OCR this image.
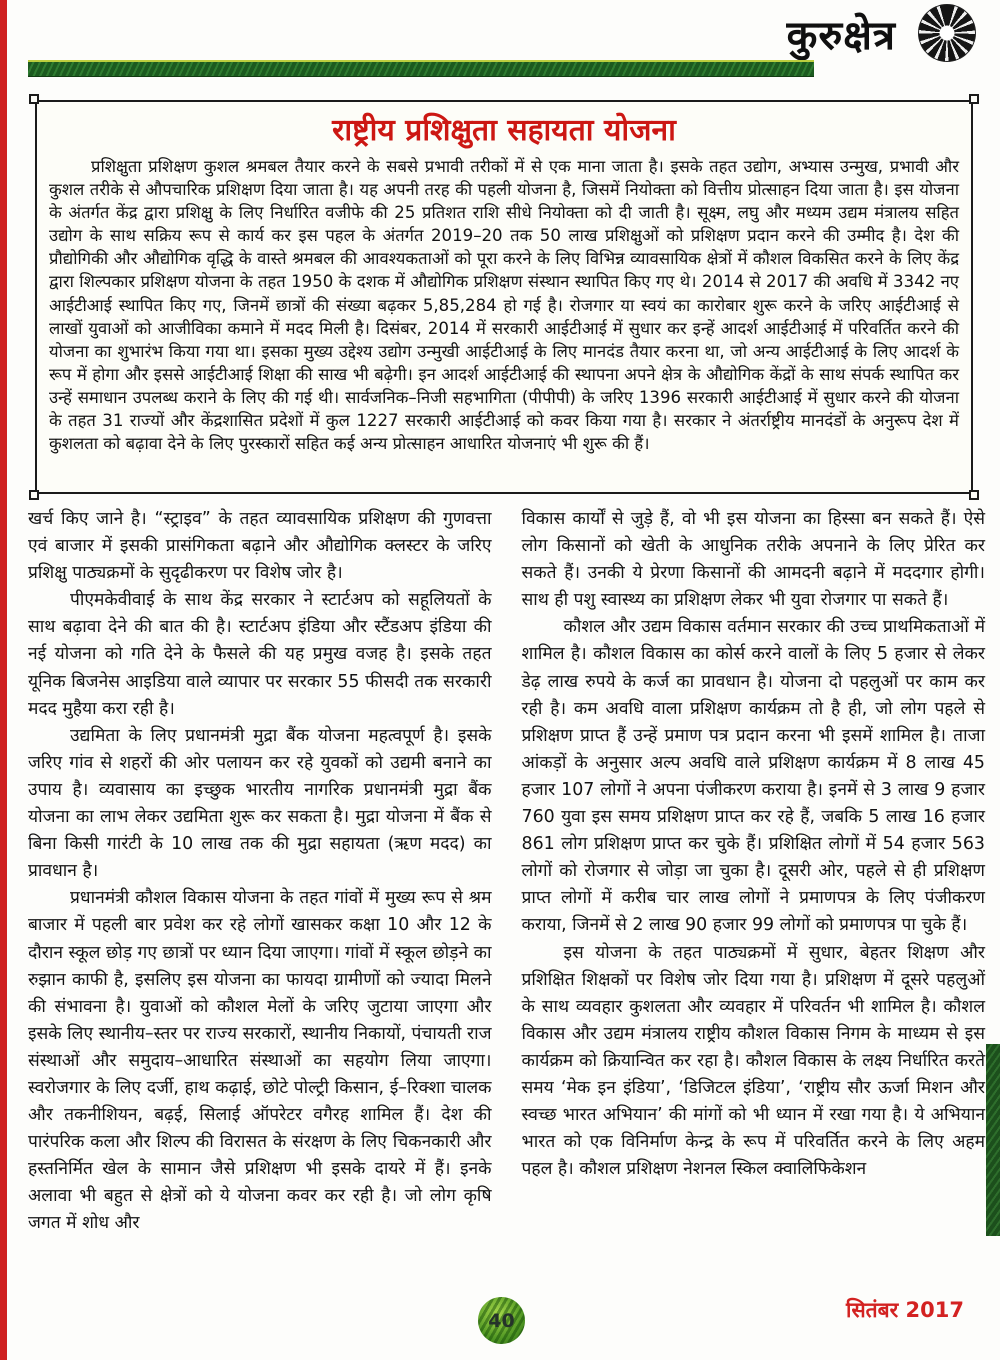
कुरुक्षेत्र
राष्ट्रीय प्रशिक्षुता सहायता योजना

प्रशिक्षुता प्रशिक्षण कुशल श्रमबल तैयार करने के सबसे प्रभावी तरीकों में से एक माना जाता है। इसके तहत उद्योग, अभ्यास उन्मुख, प्रभावी और कुशल तरीके से औपचारिक प्रशिक्षण दिया जाता है। यह अपनी तरह की पहली योजना है, जिसमें नियोक्ता को वित्तीय प्रोत्साहन दिया जाता है। इस योजना के अंतर्गत केंद्र द्वारा प्रशिक्षु के लिए निर्धारित वजीफे की 25 प्रतिशत राशि सीधे नियोक्ता को दी जाती है। सूक्ष्म, लघु और मध्यम उद्यम मंत्रालय सहित उद्योग के साथ सक्रिय रूप से कार्य कर इस पहल के अंतर्गत 2019–20 तक 50 लाख प्रशिक्षुओं को प्रशिक्षण प्रदान करने की उम्मीद है। देश की प्रौद्योगिकी और औद्योगिक वृद्धि के वास्ते श्रमबल की आवश्यकताओं को पूरा करने के लिए विभिन्न व्यावसायिक क्षेत्रों में कौशल विकसित करने के लिए केंद्र द्वारा शिल्पकार प्रशिक्षण योजना के तहत 1950 के दशक में औद्योगिक प्रशिक्षण संस्थान स्थापित किए गए थे। 2014 से 2017 की अवधि में 3342 नए आईटीआई स्थापित किए गए, जिनमें छात्रों की संख्या बढ़कर 5,85,284 हो गई है। रोजगार या स्वयं का कारोबार शुरू करने के जरिए आईटीआई से लाखों युवाओं को आजीविका कमाने में मदद मिली है। दिसंबर, 2014 में सरकारी आईटीआई में सुधार कर इन्हें आदर्श आईटीआई में परिवर्तित करने की योजना का शुभारंभ किया गया था। इसका मुख्य उद्देश्य उद्योग उन्मुखी आईटीआई के लिए मानदंड तैयार करना था, जो अन्य आईटीआई के लिए आदर्श के रूप में होगा और इससे आईटीआई शिक्षा की साख भी बढ़ेगी। इन आदर्श आईटीआई की स्थापना अपने क्षेत्र के औद्योगिक केंद्रों के साथ संपर्क स्थापित कर उन्हें समाधान उपलब्ध कराने के लिए की गई थी। सार्वजनिक–निजी सहभागिता (पीपीपी) के जरिए 1396 सरकारी आईटीआई में सुधार करने की योजना के तहत 31 राज्यों और केंद्रशासित प्रदेशों में कुल 1227 सरकारी आईटीआई को कवर किया गया है। सरकार ने अंतर्राष्ट्रीय मानदंडों के अनुरूप देश में कुशलता को बढ़ावा देने के लिए पुरस्कारों सहित कई अन्य प्रोत्साहन आधारित योजनाएं भी शुरू की हैं।

खर्च किए जाने है। “स्ट्राइव” के तहत व्यावसायिक प्रशिक्षण की गुणवत्ता एवं बाजार में इसकी प्रासंगिकता बढ़ाने और औद्योगिक क्लस्टर के जरिए प्रशिक्षु पाठ्यक्रमों के सुदृढीकरण पर विशेष जोर है।

पीएमकेवीवाई के साथ केंद्र सरकार ने स्टार्टअप को सहूलियतों के साथ बढ़ावा देने की बात की है। स्टार्टअप इंडिया और स्टैंडअप इंडिया की नई योजना को गति देने के फैसले की यह प्रमुख वजह है। इसके तहत यूनिक बिजनेस आइडिया वाले व्यापार पर सरकार 55 फीसदी तक सरकारी मदद मुहैया करा रही है।

उद्यमिता के लिए प्रधानमंत्री मुद्रा बैंक योजना महत्वपूर्ण है। इसके जरिए गांव से शहरों की ओर पलायन कर रहे युवकों को उद्यमी बनाने का उपाय है। व्यवासाय का इच्छुक भारतीय नागरिक प्रधानमंत्री मुद्रा बैंक योजना का लाभ लेकर उद्यमिता शुरू कर सकता है। मुद्रा योजना में बैंक से बिना किसी गारंटी के 10 लाख तक की मुद्रा सहायता (ऋण मदद) का प्रावधान है।

प्रधानमंत्री कौशल विकास योजना के तहत गांवों में मुख्य रूप से श्रम बाजार में पहली बार प्रवेश कर रहे लोगों खासकर कक्षा 10 और 12 के दौरान स्कूल छोड़ गए छात्रों पर ध्यान दिया जाएगा। गांवों में स्कूल छोड़ने का रुझान काफी है, इसलिए इस योजना का फायदा ग्रामीणों को ज्यादा मिलने की संभावना है। युवाओं को कौशल मेलों के जरिए जुटाया जाएगा और इसके लिए स्थानीय–स्तर पर राज्य सरकारों, स्थानीय निकायों, पंचायती राज संस्थाओं और समुदाय–आधारित संस्थाओं का सहयोग लिया जाएगा। स्वरोजगार के लिए दर्जी, हाथ कढ़ाई, छोटे पोल्ट्री किसान, ई–रिक्शा चालक और तकनीशियन, बढ़ई, सिलाई ऑपरेटर वगैरह शामिल हैं। देश की पारंपरिक कला और शिल्प की विरासत के संरक्षण के लिए चिकनकारी और हस्तनिर्मित खेल के सामान जैसे प्रशिक्षण भी इसके दायरे में हैं। इनके अलावा भी बहुत से क्षेत्रों को ये योजना कवर कर रही है। जो लोग कृषि जगत में शोध और

विकास कार्यों से जुड़े हैं, वो भी इस योजना का हिस्सा बन सकते हैं। ऐसे लोग किसानों को खेती के आधुनिक तरीके अपनाने के लिए प्रेरित कर सकते हैं। उनकी ये प्रेरणा किसानों की आमदनी बढ़ाने में मददगार होगी। साथ ही पशु स्वास्थ्य का प्रशिक्षण लेकर भी युवा रोजगार पा सकते हैं।

कौशल और उद्यम विकास वर्तमान सरकार की उच्च प्राथमिकताओं में शामिल है। कौशल विकास का कोर्स करने वालों के लिए 5 हजार से लेकर डेढ़ लाख रुपये के कर्ज का प्रावधान है। योजना दो पहलुओं पर काम कर रही है। कम अवधि वाला प्रशिक्षण कार्यक्रम तो है ही, जो लोग पहले से प्रशिक्षण प्राप्त हैं उन्हें प्रमाण पत्र प्रदान करना भी इसमें शामिल है। ताजा आंकड़ों के अनुसार अल्प अवधि वाले प्रशिक्षण कार्यक्रम में 8 लाख 45 हजार 107 लोगों ने अपना पंजीकरण कराया है। इनमें से 3 लाख 9 हजार 760 युवा इस समय प्रशिक्षण प्राप्त कर रहे हैं, जबकि 5 लाख 16 हजार 861 लोग प्रशिक्षण प्राप्त कर चुके हैं। प्रशिक्षित लोगों में 54 हजार 563 लोगों को रोजगार से जोड़ा जा चुका है। दूसरी ओर, पहले से ही प्रशिक्षण प्राप्त लोगों में करीब चार लाख लोगों ने प्रमाणपत्र के लिए पंजीकरण कराया, जिनमें से 2 लाख 90 हजार 99 लोगों को प्रमाणपत्र पा चुके हैं।

इस योजना के तहत पाठ्यक्रमों में सुधार, बेहतर शिक्षण और प्रशिक्षित शिक्षकों पर विशेष जोर दिया गया है। प्रशिक्षण में दूसरे पहलुओं के साथ व्यवहार कुशलता और व्यवहार में परिवर्तन भी शामिल है। कौशल विकास और उद्यम मंत्रालय राष्ट्रीय कौशल विकास निगम के माध्यम से इस कार्यक्रम को क्रियान्वित कर रहा है। कौशल विकास के लक्ष्य निर्धारित करते समय ‘मेक इन इंडिया’, ‘डिजिटल इंडिया’, ‘राष्ट्रीय सौर ऊर्जा मिशन और स्वच्छ भारत अभियान’ की मांगों को भी ध्यान में रखा गया है। ये अभियान भारत को एक विनिर्माण केन्द्र के रूप में परिवर्तित करने के लिए अहम पहल है। कौशल प्रशिक्षण नेशनल स्किल क्वालिफिकेशन

40	सितंबर 2017
